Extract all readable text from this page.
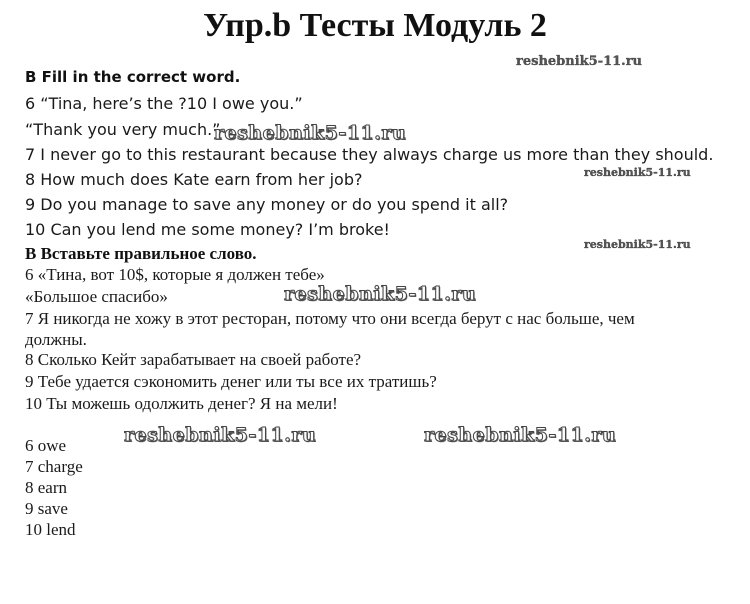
Упр.b Тесты Модуль 2
B Fill in the correct word.
6 “Tina, here’s the ?10 I owe you.”
“Thank you very much.”
7 I never go to this restaurant because they always charge us more than they should.
8 How much does Kate earn from her job?
9 Do you manage to save any money or do you spend it all?
10 Can you lend me some money? I’m broke!
В Вставьте правильное слово.
6 «Тина, вот 10$, которые я должен тебе»
«Большое спасибо»
7 Я никогда не хожу в этот ресторан, потому что они всегда берут с нас больше, чем
должны.
8 Сколько Кейт зарабатывает на своей работе?
9 Тебе удается сэкономить денег или ты все их тратишь?
10 Ты можешь одолжить денег? Я на мели!
6 owe
7 charge
8 earn
9 save
10 lend
reshebnik5-11.ru
reshebnik5-11.ru
reshebnik5-11.ru
reshebnik5-11.ru
reshebnik5-11.ru
reshebnik5-11.ru	reshebnik5-11.ru
